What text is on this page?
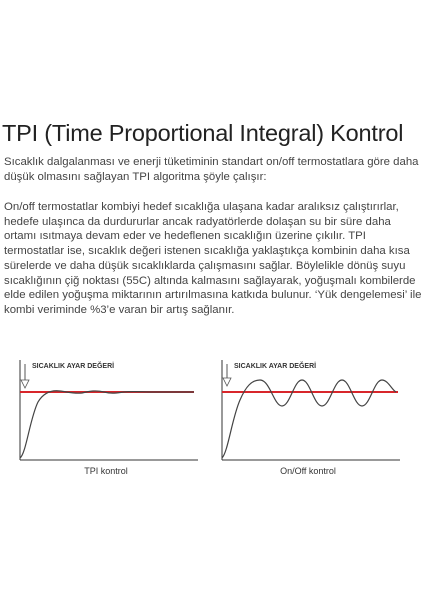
TPI (Time Proportional Integral) Kontrol

Sıcaklık dalgalanması ve enerji tüketiminin standart on/off termostatlara göre daha düşük olmasını sağlayan TPI algoritma şöyle çalışır:

On/off termostatlar kombiyi hedef sıcaklığa ulaşana kadar aralıksız çalıştırırlar, hedefe ulaşınca da durdururlar ancak radyatörlerde dolaşan su bir süre daha ortamı ısıtmaya devam eder ve hedeflenen sıcaklığın üzerine çıkılır. TPI termostatlar ise, sıcaklık değeri istenen sıcaklığa yaklaştıkça kombinin daha kısa sürelerde ve daha düşük sıcaklıklarda çalışmasını sağlar. Böylelikle dönüş suyu sıcaklığının çiğ noktası (55C) altında kalmasını sağlayarak, yoğuşmalı kombilerde elde edilen yoğuşma miktarının artırılmasına katkıda bulunur. ‘Yük dengelemesi’ ile kombi veriminde %3’e varan bir artış sağlanır.

SICAKLIK AYAR DEĞERİ
TPI kontrol
SICAKLIK AYAR DEĞERİ
On/Off kontrol
